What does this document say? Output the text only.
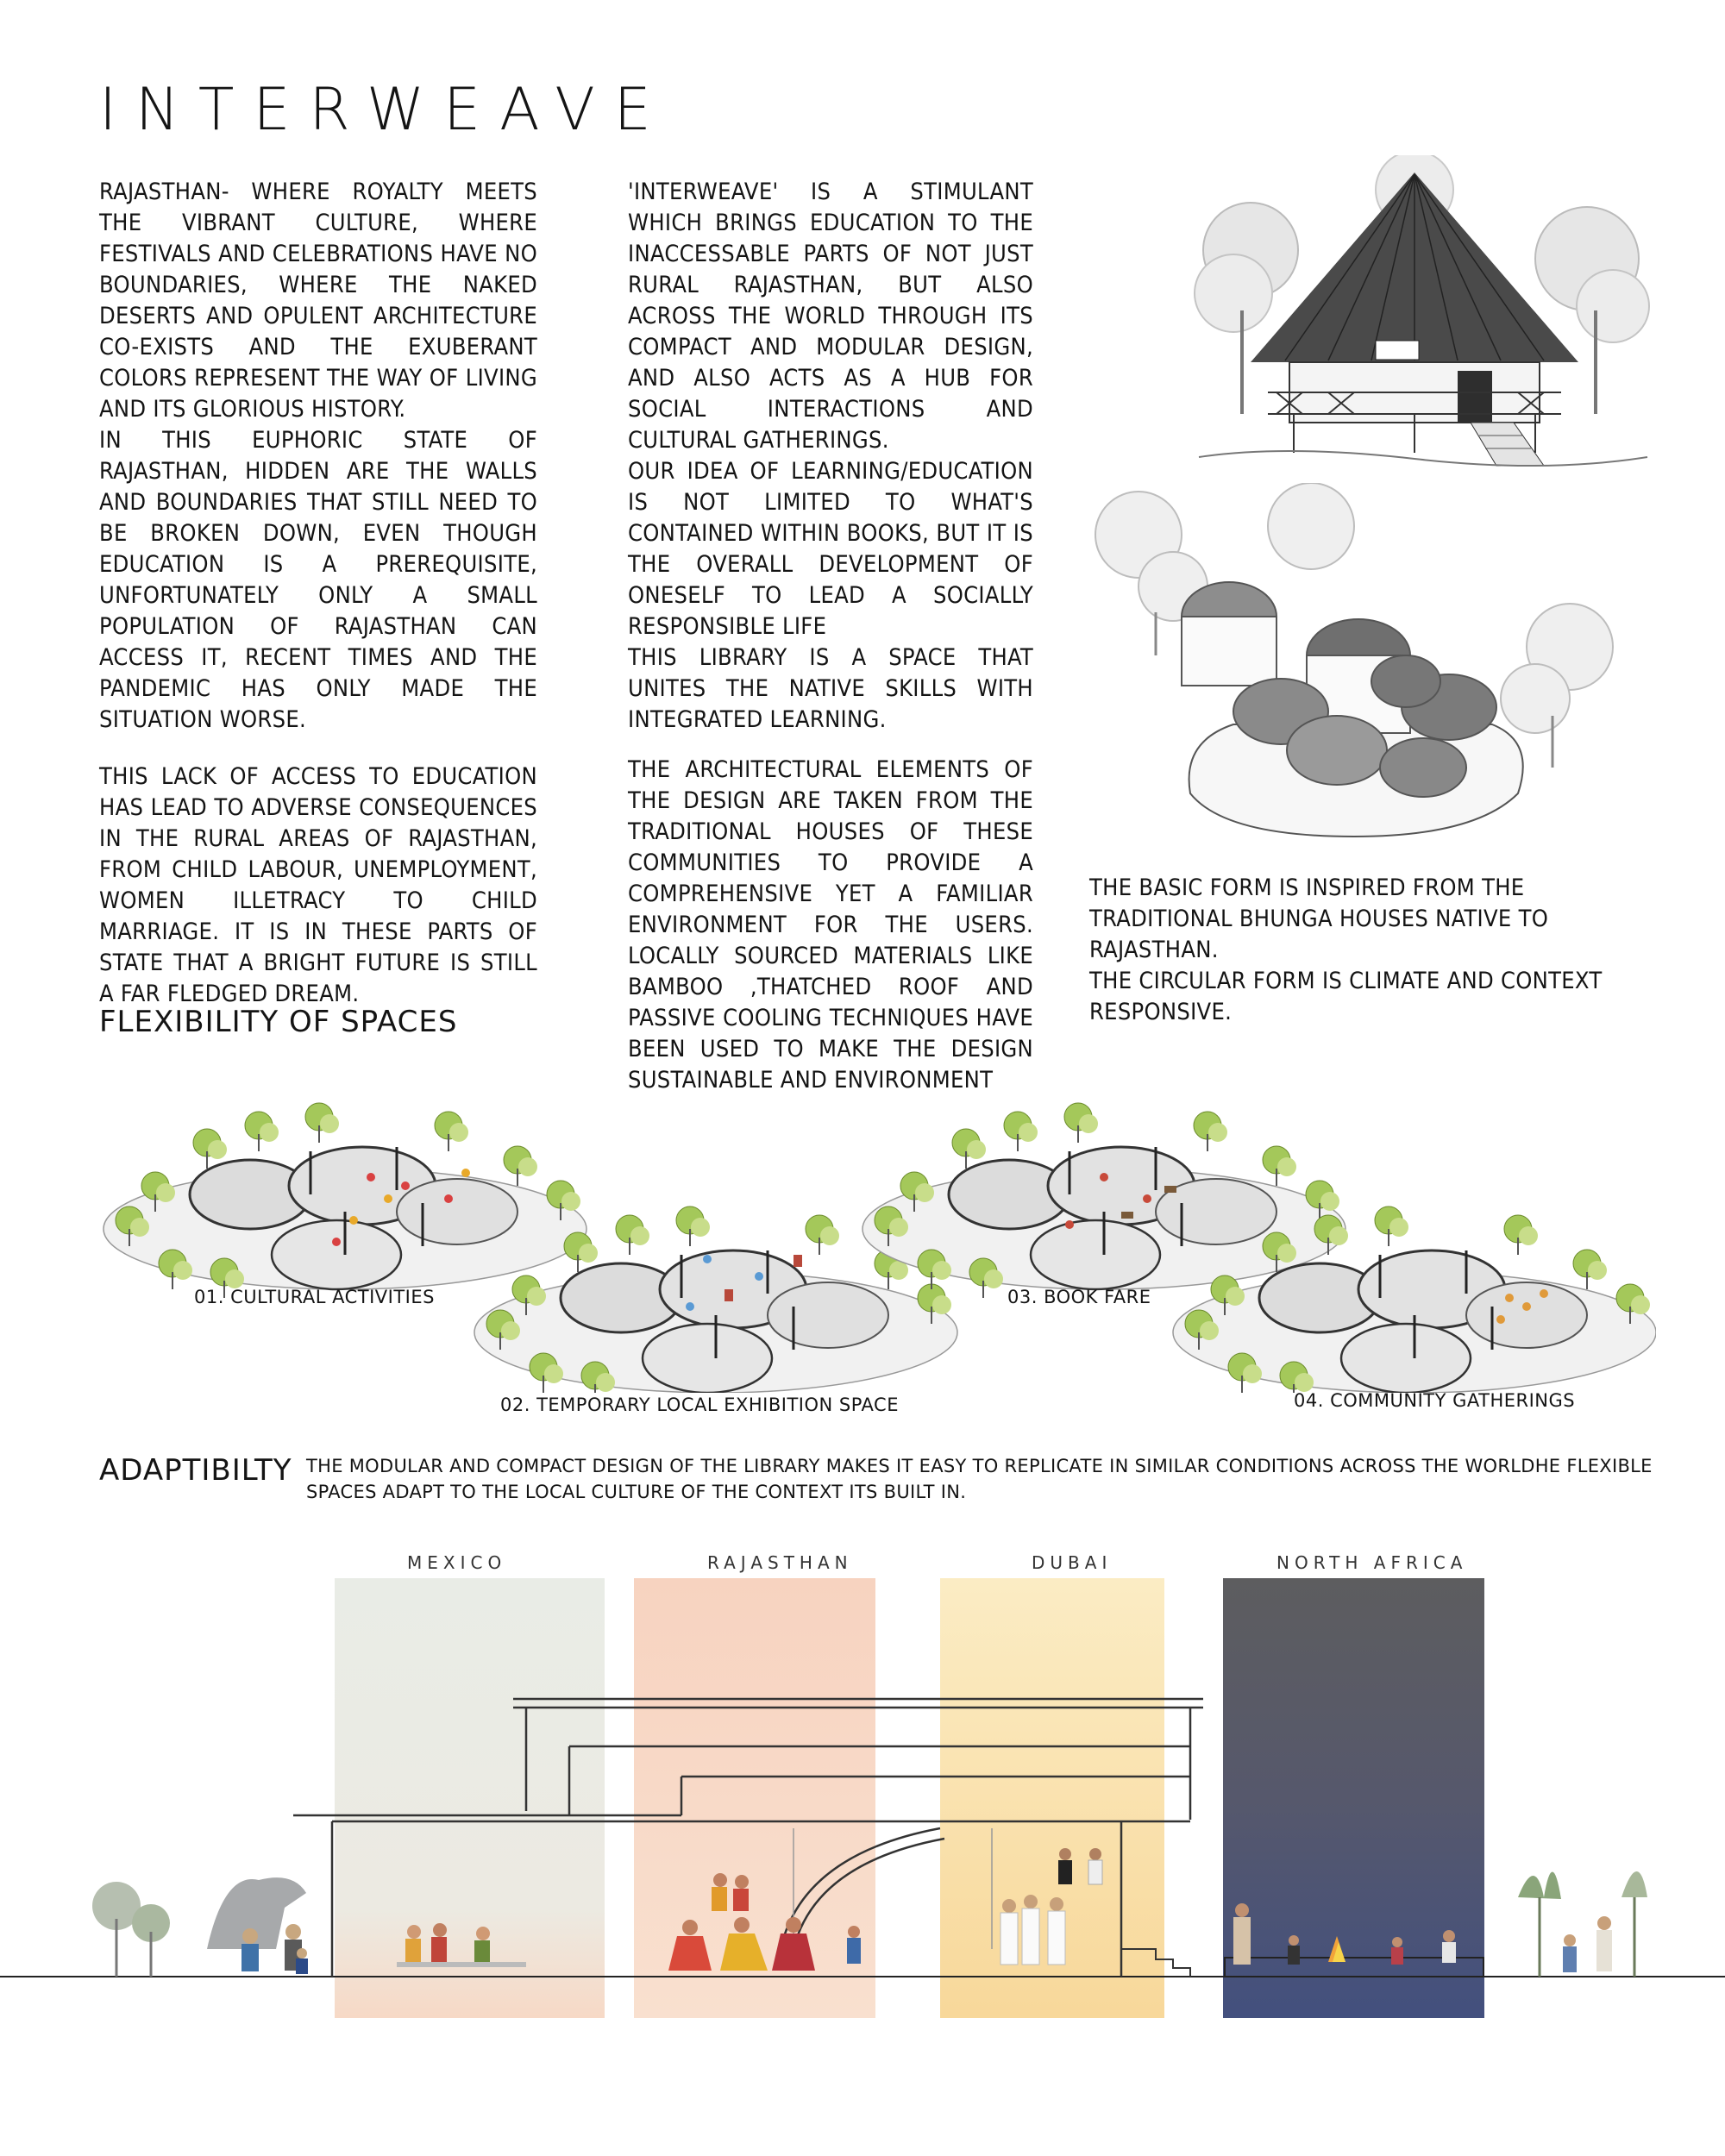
INTERWEAVE

RAJASTHAN- WHERE ROYALTY MEETS THE VIBRANT CULTURE, WHERE FESTIVALS AND CELEBRATIONS HAVE NO BOUNDARIES, WHERE THE NAKED DESERTS AND OPULENT ARCHITECTURE CO-EXISTS AND THE EXUBERANT COLORS REPRESENT THE WAY OF LIVING AND ITS GLORIOUS HISTORY.

IN THIS EUPHORIC STATE OF RAJASTHAN, HIDDEN ARE THE WALLS AND BOUNDARIES THAT STILL NEED TO BE BROKEN DOWN, EVEN THOUGH EDUCATION IS A PREREQUISITE, UNFORTUNATELY ONLY A SMALL POPULATION OF RAJASTHAN CAN ACCESS IT, RECENT TIMES AND THE PANDEMIC HAS ONLY MADE THE SITUATION WORSE.

THIS LACK OF ACCESS TO EDUCATION HAS LEAD TO ADVERSE CONSEQUENCES IN THE RURAL AREAS OF RAJASTHAN, FROM CHILD LABOUR, UNEMPLOYMENT, WOMEN ILLETRACY TO CHILD MARRIAGE. IT IS IN THESE PARTS OF STATE THAT A BRIGHT FUTURE IS STILL A FAR FLEDGED DREAM.

'INTERWEAVE' IS A STIMULANT WHICH BRINGS EDUCATION TO THE INACCESSABLE PARTS OF NOT JUST RURAL RAJASTHAN, BUT ALSO ACROSS THE WORLD THROUGH ITS COMPACT AND MODULAR DESIGN, AND ALSO ACTS AS A HUB FOR SOCIAL INTERACTIONS AND CULTURAL GATHERINGS.

OUR IDEA OF LEARNING/EDUCATION IS NOT LIMITED TO WHAT'S CONTAINED WITHIN BOOKS, BUT IT IS THE OVERALL DEVELOPMENT OF ONESELF TO LEAD A SOCIALLY RESPONSIBLE LIFE

THIS LIBRARY IS A SPACE THAT UNITES THE NATIVE SKILLS WITH INTEGRATED LEARNING.

THE ARCHITECTURAL ELEMENTS OF THE DESIGN ARE TAKEN FROM THE TRADITIONAL HOUSES OF THESE COMMUNITIES TO PROVIDE A COMPREHENSIVE YET A FAMILIAR ENVIRONMENT FOR THE USERS. LOCALLY SOURCED MATERIALS LIKE BAMBOO ,THATCHED ROOF AND PASSIVE COOLING TECHNIQUES HAVE BEEN USED TO MAKE THE DESIGN SUSTAINABLE AND ENVIRONMENT

THE BASIC FORM IS INSPIRED FROM THE TRADITIONAL BHUNGA HOUSES NATIVE TO RAJASTHAN.

THE CIRCULAR FORM IS CLIMATE AND CONTEXT RESPONSIVE.

FLEXIBILITY OF SPACES
01. CULTURAL ACTIVITIES
02. TEMPORARY LOCAL EXHIBITION SPACE
03. BOOK FARE
04. COMMUNITY GATHERINGS
ADAPTIBILTY THE MODULAR AND COMPACT DESIGN OF THE LIBRARY MAKES IT EASY TO REPLICATE IN SIMILAR CONDITIONS ACROSS THE WORLDHE FLEXIBLE SPACES ADAPT TO THE LOCAL CULTURE OF THE CONTEXT ITS BUILT IN.
MEXICO	RAJASTHAN	DUBAI	NORTH AFRICA
